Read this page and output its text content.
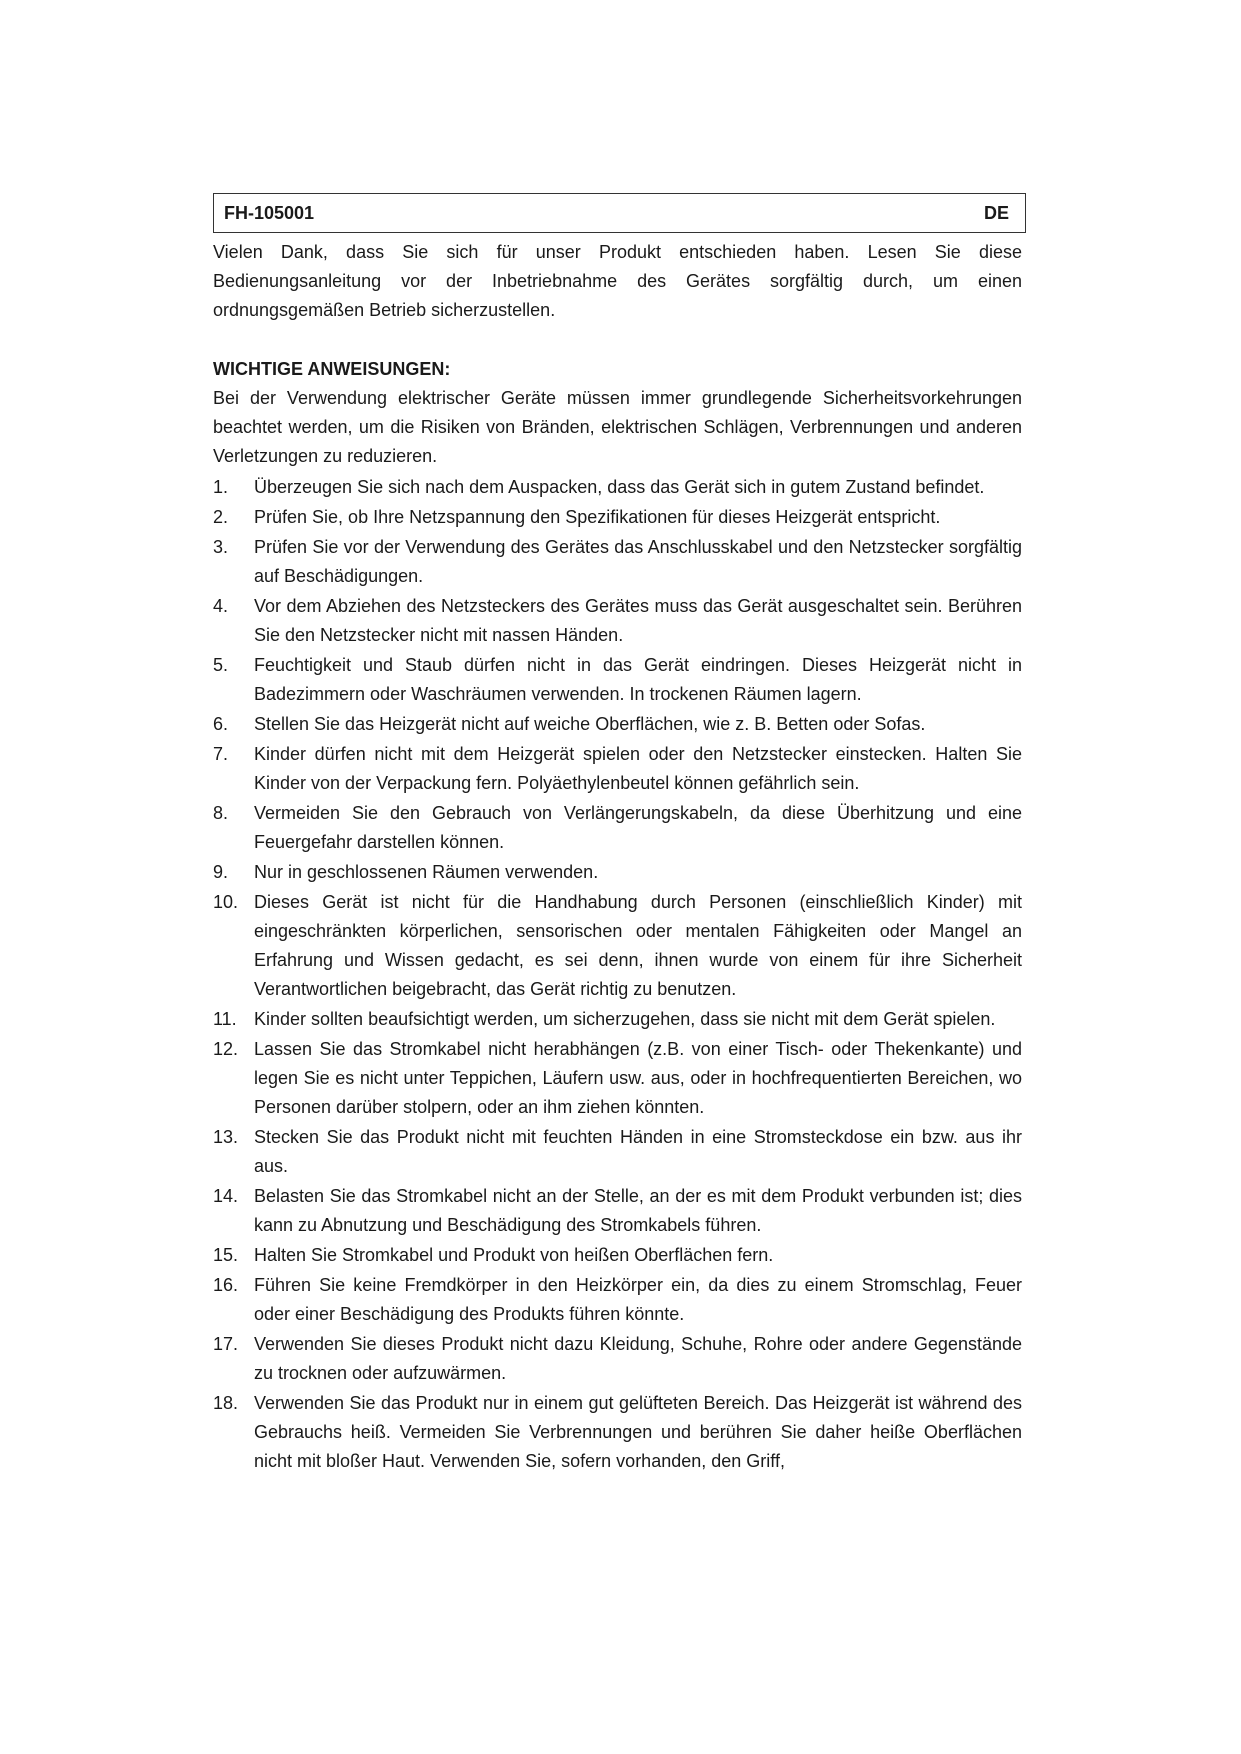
FH-105001	DE

Vielen Dank, dass Sie sich für unser Produkt entschieden haben. Lesen Sie diese Bedienungsanleitung vor der Inbetriebnahme des Gerätes sorgfältig durch, um einen ordnungsgemäßen Betrieb sicherzustellen.

WICHTIGE ANWEISUNGEN:

Bei der Verwendung elektrischer Geräte müssen immer grundlegende Sicherheitsvorkehrungen beachtet werden, um die Risiken von Bränden, elektrischen Schlägen, Verbrennungen und anderen Verletzungen zu reduzieren.

1.	Überzeugen Sie sich nach dem Auspacken, dass das Gerät sich in gutem Zustand befindet.
2.	Prüfen Sie, ob Ihre Netzspannung den Spezifikationen für dieses Heizgerät entspricht.
3.	Prüfen Sie vor der Verwendung des Gerätes das Anschlusskabel und den Netzstecker sorgfältig auf Beschädigungen.
4.	Vor dem Abziehen des Netzsteckers des Gerätes muss das Gerät ausgeschaltet sein. Berühren Sie den Netzstecker nicht mit nassen Händen.
5.	Feuchtigkeit und Staub dürfen nicht in das Gerät eindringen. Dieses Heizgerät nicht in Badezimmern oder Waschräumen verwenden. In trockenen Räumen lagern.
6.	Stellen Sie das Heizgerät nicht auf weiche Oberflächen, wie z. B. Betten oder Sofas.
7.	Kinder dürfen nicht mit dem Heizgerät spielen oder den Netzstecker einstecken. Halten Sie Kinder von der Verpackung fern. Polyäethylenbeutel können gefährlich sein.
8.	Vermeiden Sie den Gebrauch von Verlängerungskabeln, da diese Überhitzung und eine Feuergefahr darstellen können.
9.	Nur in geschlossenen Räumen verwenden.
10. Dieses Gerät ist nicht für die Handhabung durch Personen (einschließlich Kinder) mit eingeschränkten körperlichen, sensorischen oder mentalen Fähigkeiten oder Mangel an Erfahrung und Wissen gedacht, es sei denn, ihnen wurde von einem für ihre Sicherheit Verantwortlichen beigebracht, das Gerät richtig zu benutzen.
11. Kinder sollten beaufsichtigt werden, um sicherzugehen, dass sie nicht mit dem Gerät spielen.
12. Lassen Sie das Stromkabel nicht herabhängen (z.B. von einer Tisch- oder Thekenkante) und legen Sie es nicht unter Teppichen, Läufern usw. aus, oder in hochfrequentierten Bereichen, wo Personen darüber stolpern, oder an ihm ziehen könnten.
13. Stecken Sie das Produkt nicht mit feuchten Händen in eine Stromsteckdose ein bzw. aus ihr aus.
14. Belasten Sie das Stromkabel nicht an der Stelle, an der es mit dem Produkt verbunden ist; dies kann zu Abnutzung und Beschädigung des Stromkabels führen.
15. Halten Sie Stromkabel und Produkt von heißen Oberflächen fern.
16. Führen Sie keine Fremdkörper in den Heizkörper ein, da dies zu einem Stromschlag, Feuer oder einer Beschädigung des Produkts führen könnte.
17. Verwenden Sie dieses Produkt nicht dazu Kleidung, Schuhe, Rohre oder andere Gegenstände zu trocknen oder aufzuwärmen.
18. Verwenden Sie das Produkt nur in einem gut gelüfteten Bereich. Das Heizgerät ist während des Gebrauchs heiß. Vermeiden Sie Verbrennungen und berühren Sie daher heiße Oberflächen nicht mit bloßer Haut. Verwenden Sie, sofern vorhanden, den Griff,
